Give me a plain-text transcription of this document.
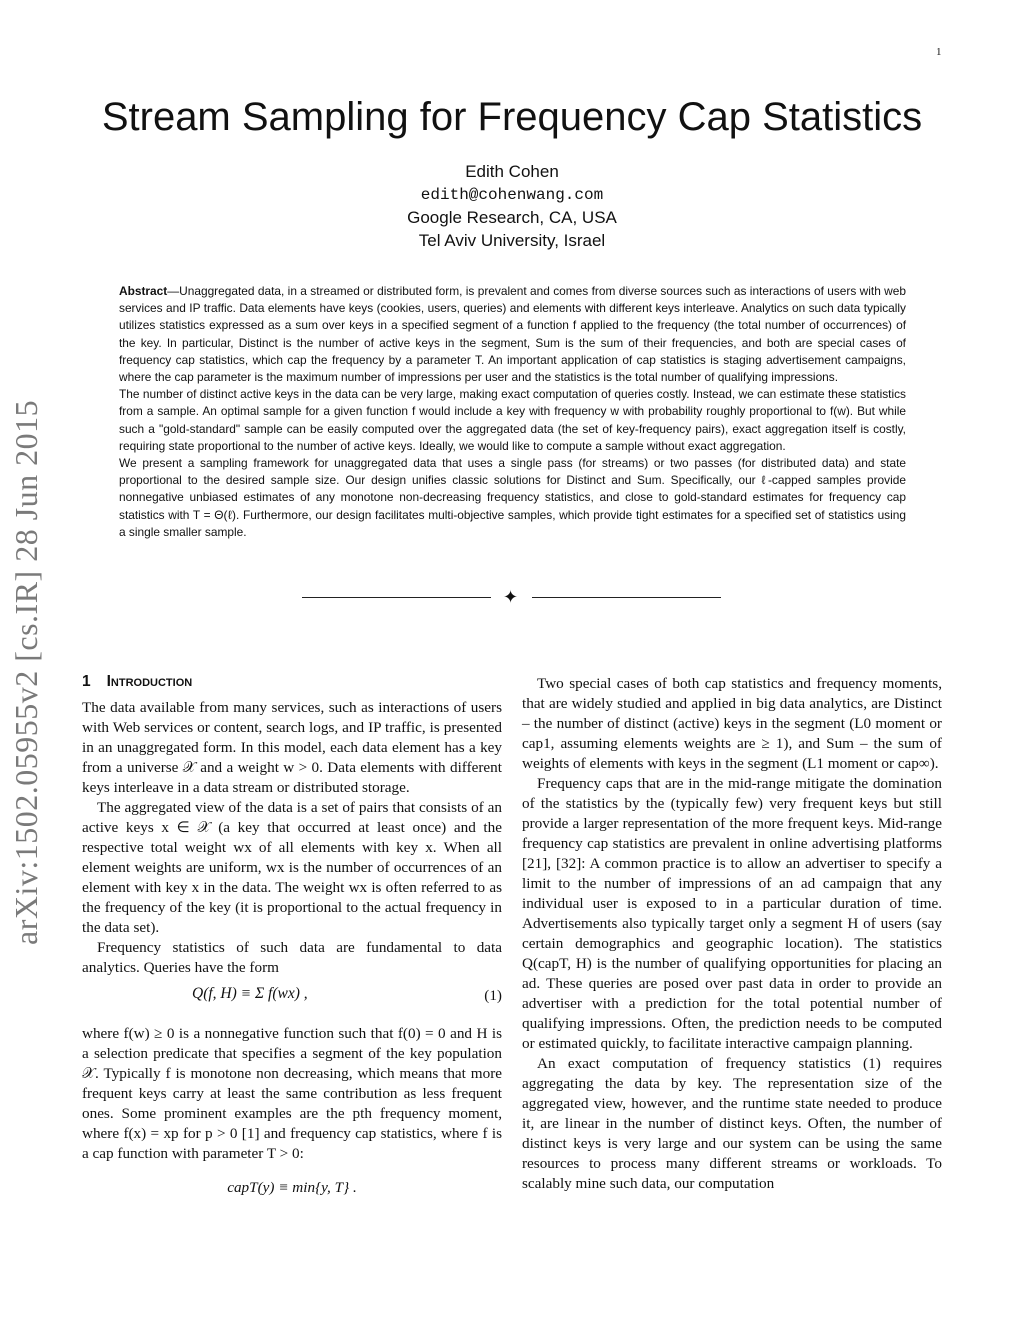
1
arXiv:1502.05955v2 [cs.IR] 28 Jun 2015
Stream Sampling for Frequency Cap Statistics
Edith Cohen
edith@cohenwang.com
Google Research, CA, USA
Tel Aviv University, Israel

Abstract—Unaggregated data, in a streamed or distributed form, is prevalent and comes from diverse sources such as interactions of users with web services and IP traffic. Data elements have keys (cookies, users, queries) and elements with different keys interleave. Analytics on such data typically utilizes statistics expressed as a sum over keys in a specified segment of a function f applied to the frequency (the total number of occurrences) of the key. In particular, Distinct is the number of active keys in the segment, Sum is the sum of their frequencies, and both are special cases of frequency cap statistics, which cap the frequency by a parameter T. An important application of cap statistics is staging advertisement campaigns, where the cap parameter is the maximum number of impressions per user and the statistics is the total number of qualifying impressions.

The number of distinct active keys in the data can be very large, making exact computation of queries costly. Instead, we can estimate these statistics from a sample. An optimal sample for a given function f would include a key with frequency w with probability roughly proportional to f(w). But while such a "gold-standard" sample can be easily computed over the aggregated data (the set of key-frequency pairs), exact aggregation itself is costly, requiring state proportional to the number of active keys. Ideally, we would like to compute a sample without exact aggregation.

We present a sampling framework for unaggregated data that uses a single pass (for streams) or two passes (for distributed data) and state proportional to the desired sample size. Our design unifies classic solutions for Distinct and Sum. Specifically, our ℓ-capped samples provide nonnegative unbiased estimates of any monotone non-decreasing frequency statistics, and close to gold-standard estimates for frequency cap statistics with T = Θ(ℓ). Furthermore, our design facilitates multi-objective samples, which provide tight estimates for a specified set of statistics using a single smaller sample.

✦
1 Introduction

The data available from many services, such as interactions of users with Web services or content, search logs, and IP traffic, is presented in an unaggregated form. In this model, each data element has a key from a universe 𝒳 and a weight w > 0. Data elements with different keys interleave in a data stream or distributed storage.

The aggregated view of the data is a set of pairs that consists of an active keys x ∈ 𝒳 (a key that occurred at least once) and the respective total weight wx of all elements with key x. When all element weights are uniform, wx is the number of occurrences of an element with key x in the data. The weight wx is often referred to as the frequency of the key (it is proportional to the actual frequency in the data set).

Frequency statistics of such data are fundamental to data analytics. Queries have the form

Q(f, H) ≡ Σ f(wx) ,	(1)

where f(w) ≥ 0 is a nonnegative function such that f(0) = 0 and H is a selection predicate that specifies a segment of the key population 𝒳. Typically f is monotone non decreasing, which means that more frequent keys carry at least the same contribution as less frequent ones. Some prominent examples are the pth frequency moment, where f(x) = xp for p > 0 [1] and frequency cap statistics, where f is a cap function with parameter T > 0:

capT(y) ≡ min{y, T} .

Two special cases of both cap statistics and frequency moments, that are widely studied and applied in big data analytics, are Distinct – the number of distinct (active) keys in the segment (L0 moment or cap1, assuming elements weights are ≥ 1), and Sum – the sum of weights of elements with keys in the segment (L1 moment or cap∞).

Frequency caps that are in the mid-range mitigate the domination of the statistics by the (typically few) very frequent keys but still provide a larger representation of the more frequent keys. Mid-range frequency cap statistics are prevalent in online advertising platforms [21], [32]: A common practice is to allow an advertiser to specify a limit to the number of impressions of an ad campaign that any individual user is exposed to in a particular duration of time. Advertisements also typically target only a segment H of users (say certain demographics and geographic location). The statistics Q(capT, H) is the number of qualifying opportunities for placing an ad. These queries are posed over past data in order to provide an advertiser with a prediction for the total potential number of qualifying impressions. Often, the prediction needs to be computed or estimated quickly, to facilitate interactive campaign planning.

An exact computation of frequency statistics (1) requires aggregating the data by key. The representation size of the aggregated view, however, and the runtime state needed to produce it, are linear in the number of distinct keys. Often, the number of distinct keys is very large and our system can be using the same resources to process many different streams or workloads. To scalably mine such data, our computation
